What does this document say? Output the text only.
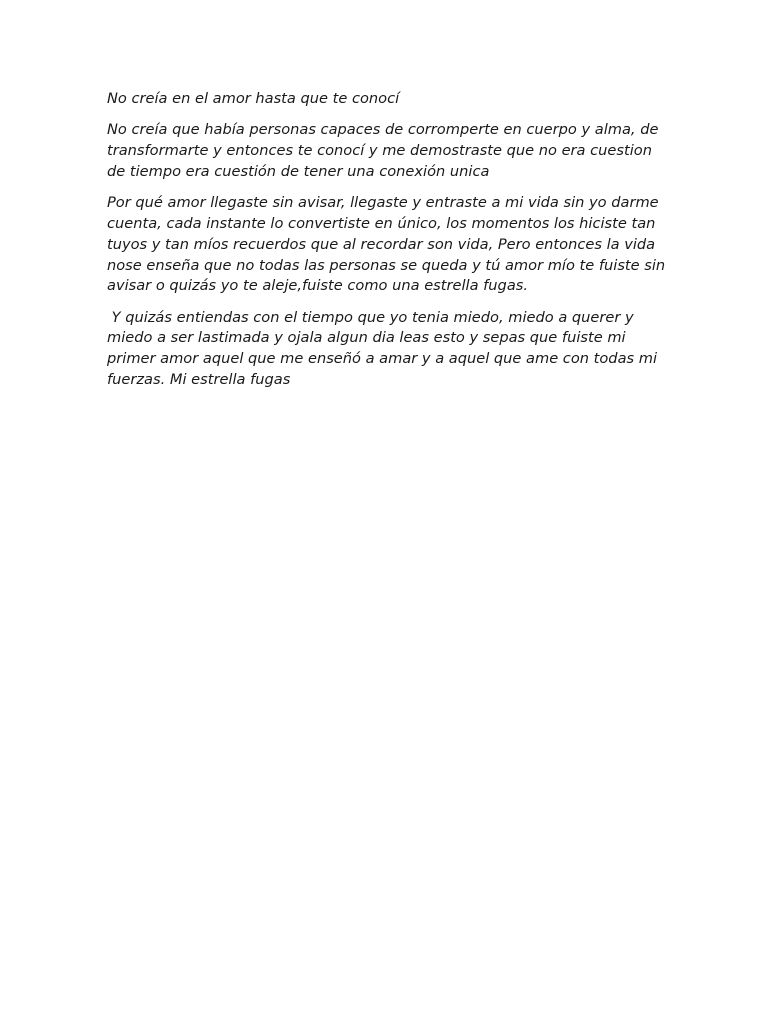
No creía en el amor hasta que te conocí

No creía que había personas capaces de corromperte en cuerpo y alma, de transformarte y entonces te conocí y me demostraste que no era cuestion de tiempo era cuestión de tener una conexión unica

Por qué amor llegaste sin avisar, llegaste y entraste a mi vida sin yo darme cuenta, cada instante lo convertiste en único, los momentos los hiciste tan tuyos y tan míos recuerdos que al recordar son vida, Pero entonces la vida nose enseña que no todas las personas se queda y tú amor mío te fuiste sin avisar o quizás yo te aleje,fuiste como una estrella fugas.

Y quizás entiendas con el tiempo que yo tenia miedo, miedo a querer y miedo a ser lastimada y ojala algun dia leas esto y sepas que fuiste mi primer amor aquel que me enseñó a amar y a aquel que ame con todas mi fuerzas. Mi estrella fugas
